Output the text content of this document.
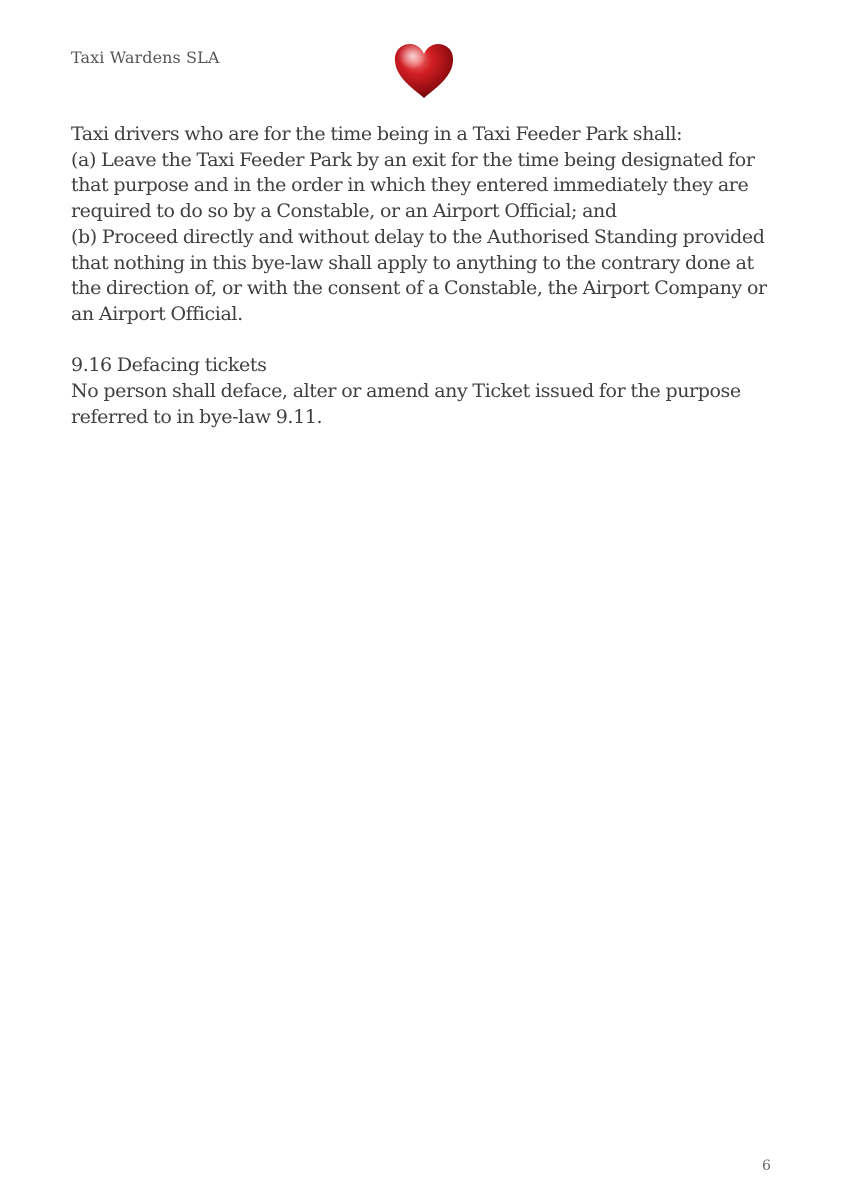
Taxi Wardens SLA

Taxi drivers who are for the time being in a Taxi Feeder Park shall:

(a) Leave the Taxi Feeder Park by an exit for the time being designated for that purpose and in the order in which they entered immediately they are required to do so by a Constable, or an Airport Official; and

(b) Proceed directly and without delay to the Authorised Standing provided that nothing in this bye-law shall apply to anything to the contrary done at the direction of, or with the consent of a Constable, the Airport Company or an Airport Official.

9.16 Defacing tickets

No person shall deface, alter or amend any Ticket issued for the purpose referred to in bye-law 9.11.

6
